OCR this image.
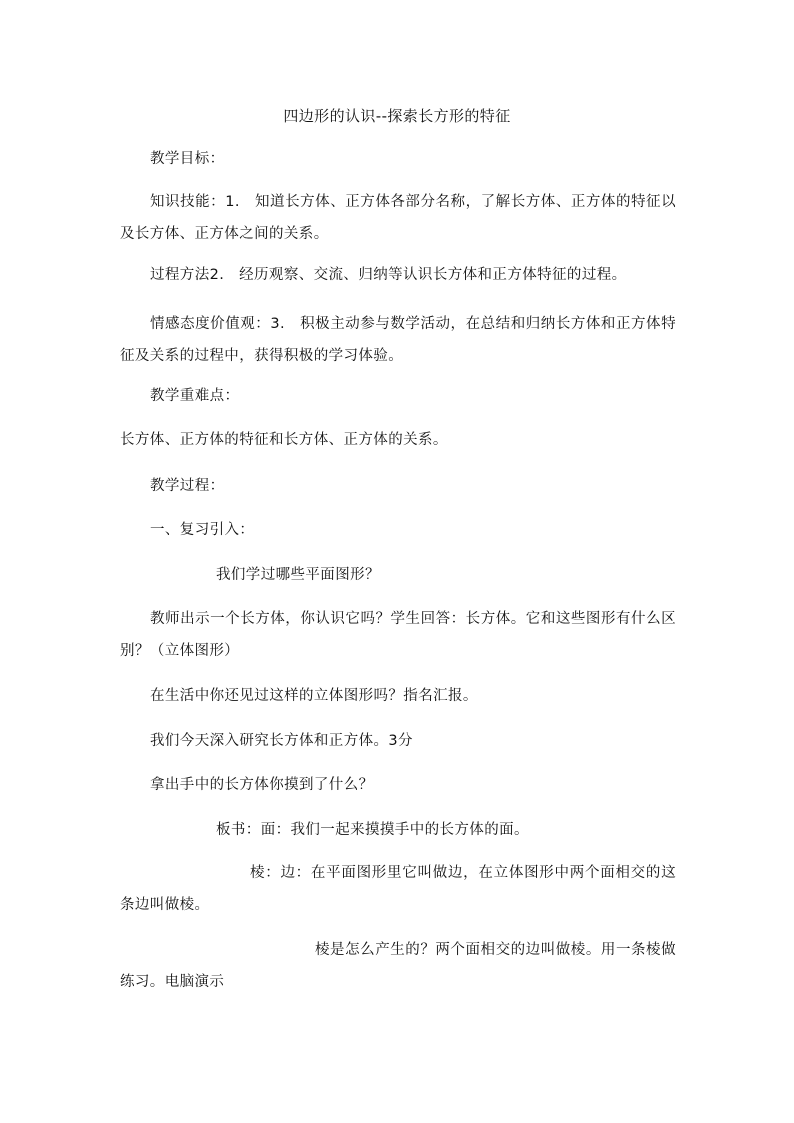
四边形的认识--探索长方形的特征
教学目标：
知识技能：1.　知道长方体、正方体各部分名称，了解长方体、正方体的特征以及长方体、正方体之间的关系。
过程方法2.　经历观察、交流、归纳等认识长方体和正方体特征的过程。
情感态度价值观：3.　积极主动参与数学活动，在总结和归纳长方体和正方体特征及关系的过程中，获得积极的学习体验。
教学重难点：
长方体、正方体的特征和长方体、正方体的关系。
教学过程：
一、复习引入：
我们学过哪些平面图形？
教师出示一个长方体，你认识它吗？学生回答：长方体。它和这些图形有什么区别？（立体图形）
在生活中你还见过这样的立体图形吗？指名汇报。
我们今天深入研究长方体和正方体。3分
拿出手中的长方体你摸到了什么？
板书：面：我们一起来摸摸手中的长方体的面。
棱：边：在平面图形里它叫做边，在立体图形中两个面相交的这条边叫做棱。
棱是怎么产生的？两个面相交的边叫做棱。用一条棱做练习。电脑演示
